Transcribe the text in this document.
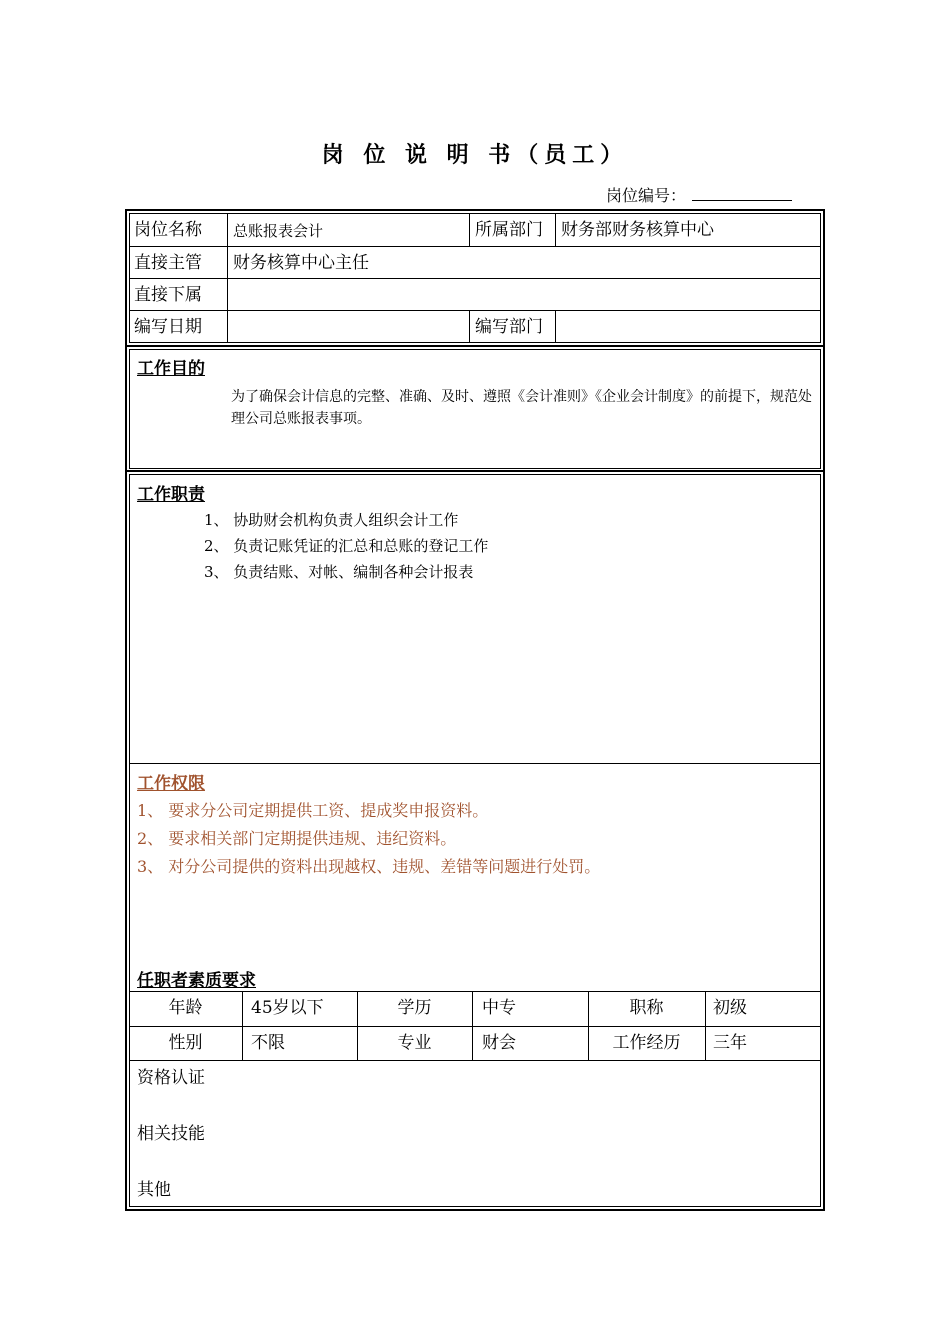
岗 位 说 明 书（员工）
岗位编号：
岗位名称 总账报表会计	所属部门 财务部财务核算中心
直接主管 财务核算中心主任
直接下属
编写日期	编写部门
工作目的
为了确保会计信息的完整、准确、及时、遵照《会计准则》《企业会计制度》的前提下，规范处理公司总账报表事项。
工作职责
1、 协助财会机构负责人组织会计工作
2、 负责记账凭证的汇总和总账的登记工作
3、 负责结账、对帐、编制各种会计报表
工作权限
1、 要求分公司定期提供工资、提成奖申报资料。
2、 要求相关部门定期提供违规、违纪资料。
3、 对分公司提供的资料出现越权、违规、差错等问题进行处罚。
任职者素质要求
年龄	45岁以下	学历	中专	职称	初级
性别	不限	专业	财会	工作经历	三年
资格认证
相关技能
其他
